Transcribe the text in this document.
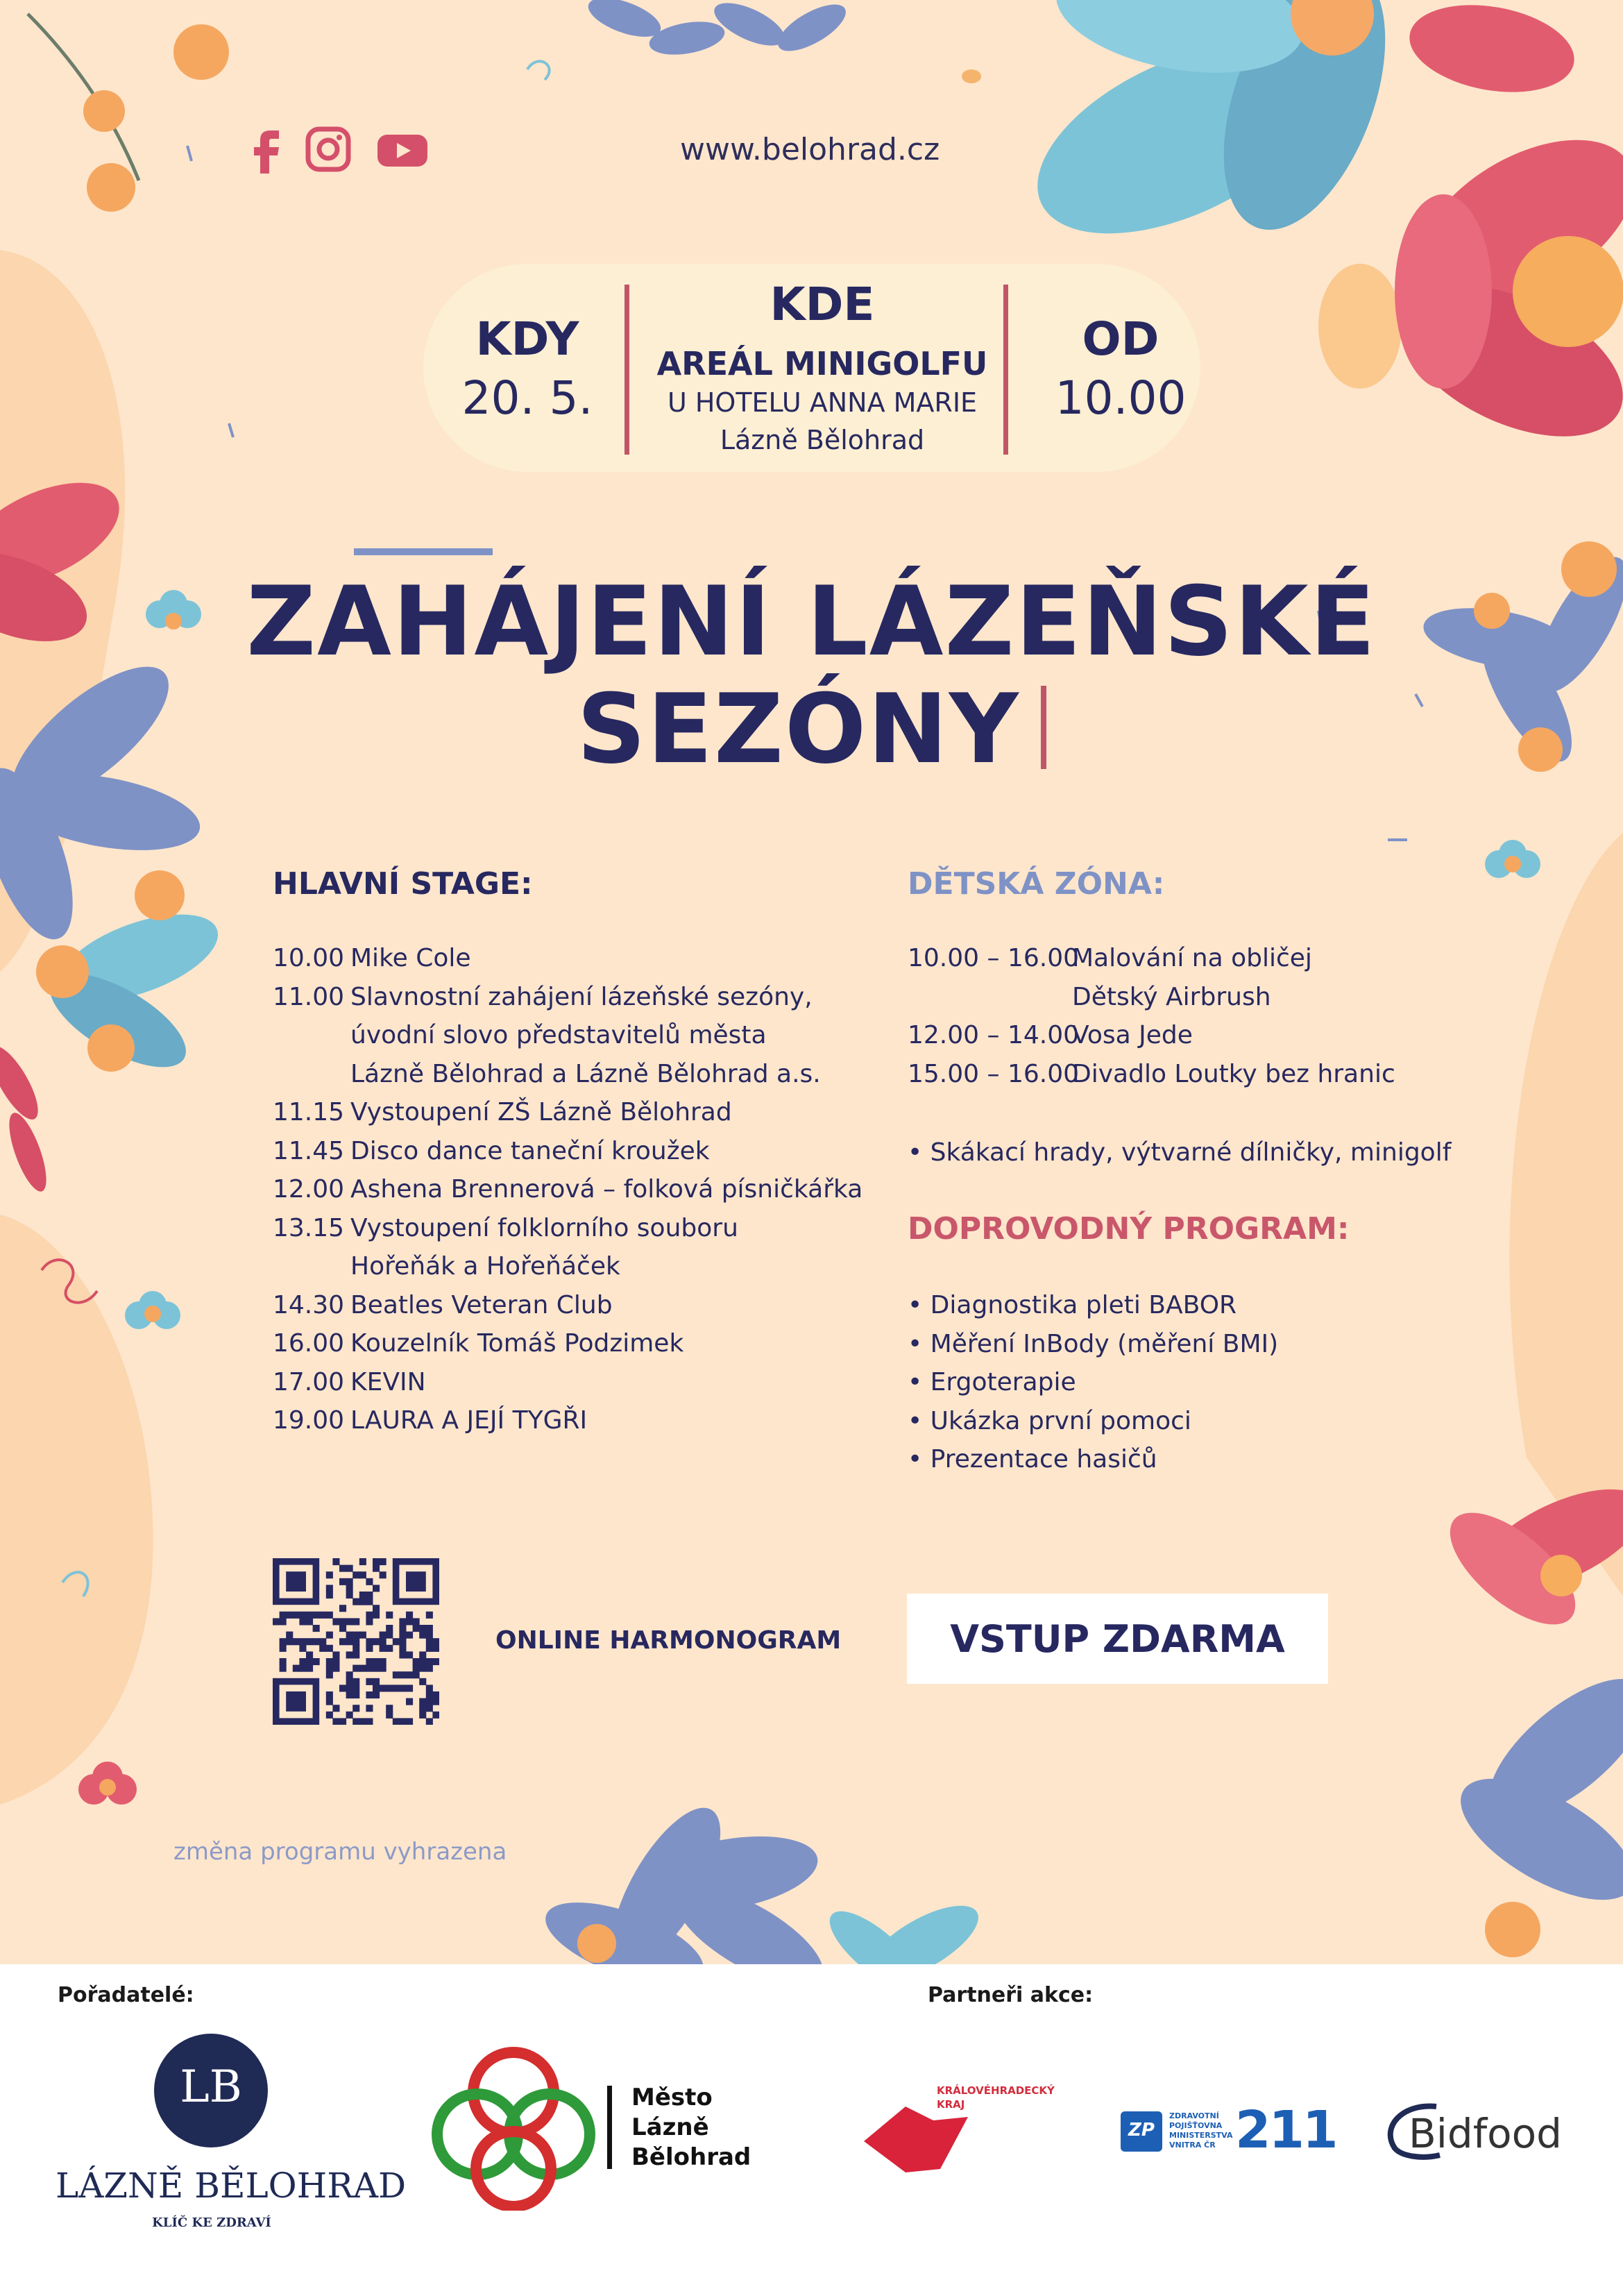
www.belohrad.cz
KDY
20. 5.
KDE
AREÁL MINIGOLFU
U HOTELU ANNA MARIE
Lázně Bělohrad
OD
10.00
ZAHÁJENÍ LÁZEŇSKÉ
SEZÓNY
HLAVNÍ STAGE:
10.00 Mike Cole
11.00 Slavnostní zahájení lázeňské sezóny,
úvodní slovo představitelů města
Lázně Bělohrad a Lázně Bělohrad a.s.
11.15 Vystoupení ZŠ Lázně Bělohrad
11.45 Disco dance taneční kroužek
12.00 Ashena Brennerová – folková písničkářka
13.15 Vystoupení folklorního souboru
Hořeňák a Hořeňáček
14.30 Beatles Veteran Club
16.00 Kouzelník Tomáš Podzimek
17.00 KEVIN
19.00 LAURA A JEJÍ TYGŘI
DĚTSKÁ ZÓNA:
10.00 – 16.00Malování na obličej
Dětský Airbrush
12.00 – 14.00Vosa Jede
15.00 – 16.00Divadlo Loutky bez hranic
• Skákací hrady, výtvarné dílničky, minigolf
DOPROVODNÝ PROGRAM:
• Diagnostika pleti BABOR
• Měření InBody (měření BMI)
• Ergoterapie
• Ukázka první pomoci
• Prezentace hasičů
ONLINE HARMONOGRAM	VSTUP ZDARMA
změna programu vyhrazena
Pořadatelé:	Partneři akce:
LB
LÁZNĚ BĚLOHRAD
KLÍČ KE ZDRAVÍ
Město
Lázně
Bělohrad
KRÁLOVÉHRADECKÝ
KRAJ
ZP
ZDRAVOTNÍ
POJIŠŤOVNA
MINISTERSTVA
VNITRA ČR 211 Bidfood
